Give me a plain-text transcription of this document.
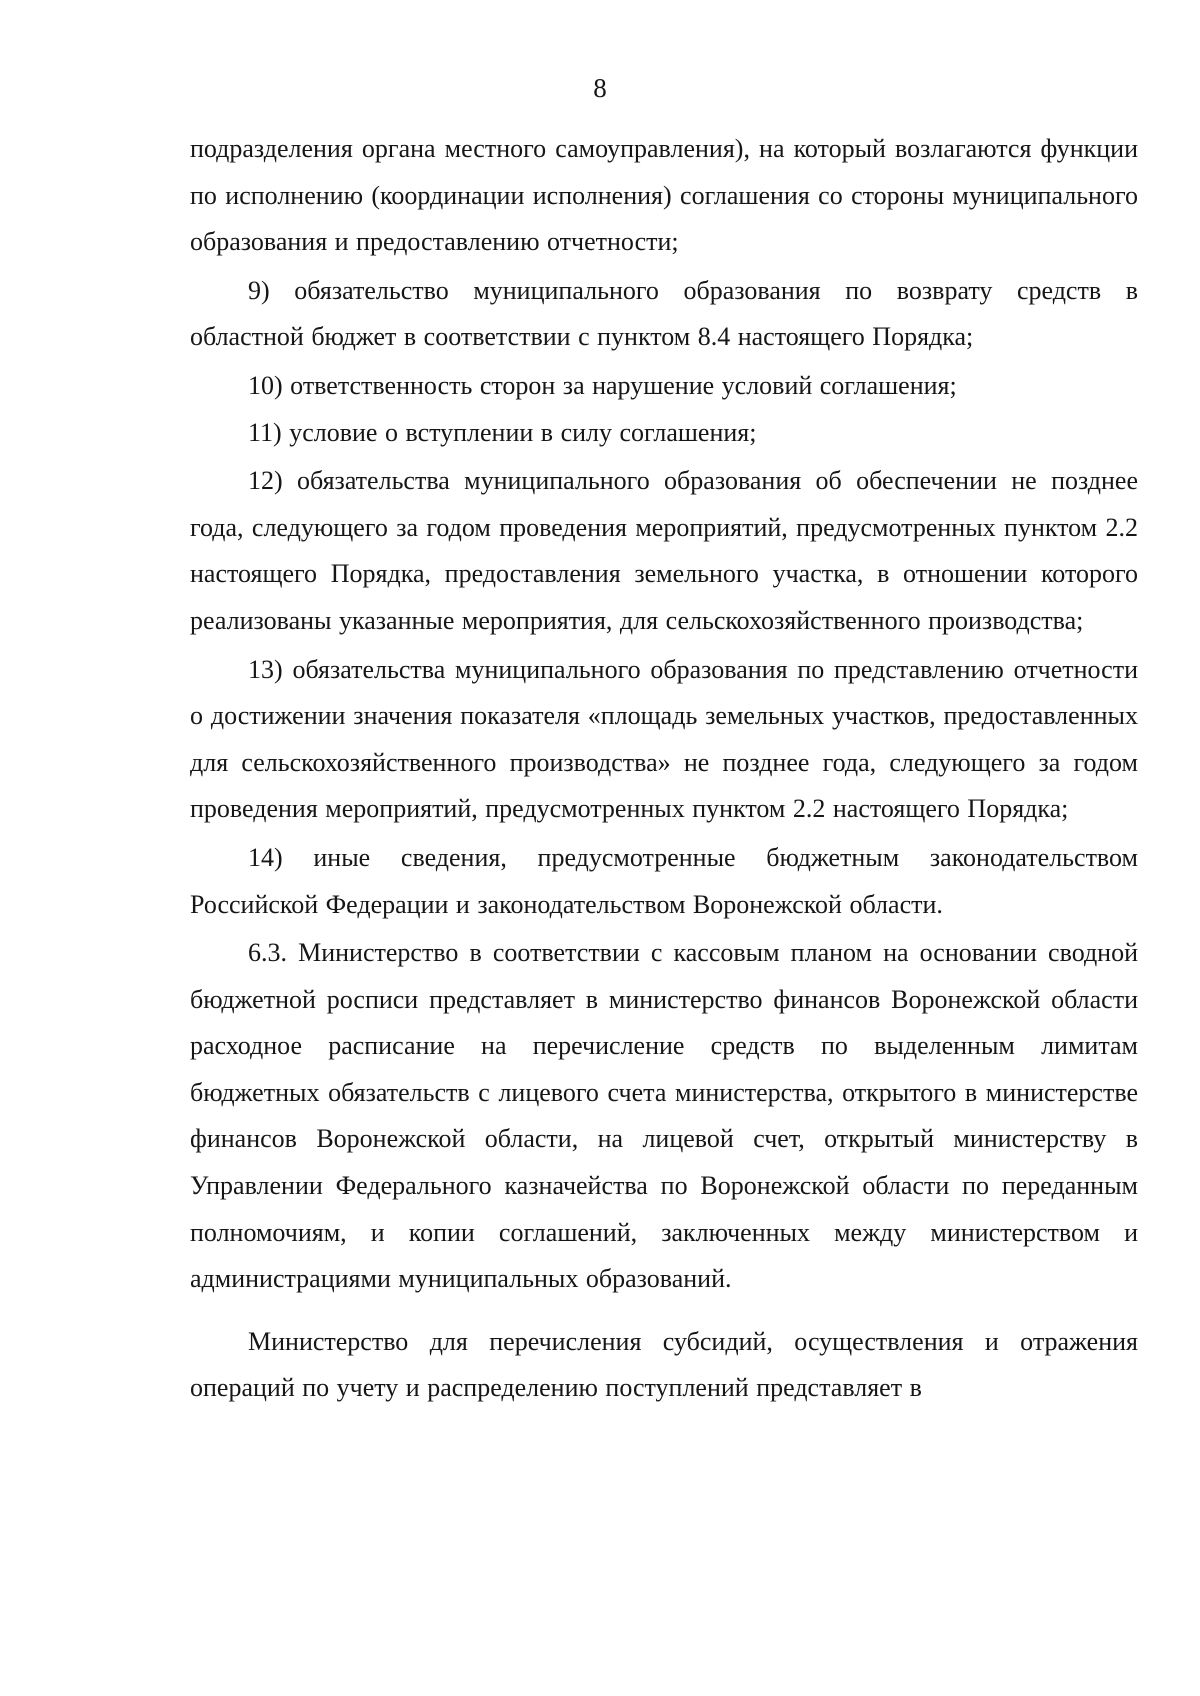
8

подразделения органа местного самоуправления), на который возлагаются функции по исполнению (координации исполнения) соглашения со стороны муниципального образования и предоставлению отчетности;

9) обязательство муниципального образования по возврату средств в областной бюджет в соответствии с пунктом 8.4 настоящего Порядка;

10) ответственность сторон за нарушение условий соглашения;

11) условие о вступлении в силу соглашения;

12) обязательства муниципального образования об обеспечении не позднее года, следующего за годом проведения мероприятий, предусмотренных пунктом 2.2 настоящего Порядка, предоставления земельного участка, в отношении которого реализованы указанные мероприятия, для сельскохозяйственного производства;

13) обязательства муниципального образования по представлению отчетности о достижении значения показателя «площадь земельных участков, предоставленных для сельскохозяйственного производства» не позднее года, следующего за годом проведения мероприятий, предусмотренных пунктом 2.2 настоящего Порядка;

14) иные сведения, предусмотренные бюджетным законодательством Российской Федерации и законодательством Воронежской области.

6.3. Министерство в соответствии с кассовым планом на основании сводной бюджетной росписи представляет в министерство финансов Воронежской области расходное расписание на перечисление средств по выделенным лимитам бюджетных обязательств с лицевого счета министерства, открытого в министерстве финансов Воронежской области, на лицевой счет, открытый министерству в Управлении Федерального казначейства по Воронежской области по переданным полномочиям, и копии соглашений, заключенных между министерством и администрациями муниципальных образований.

Министерство для перечисления субсидий, осуществления и отражения операций по учету и распределению поступлений представляет в
